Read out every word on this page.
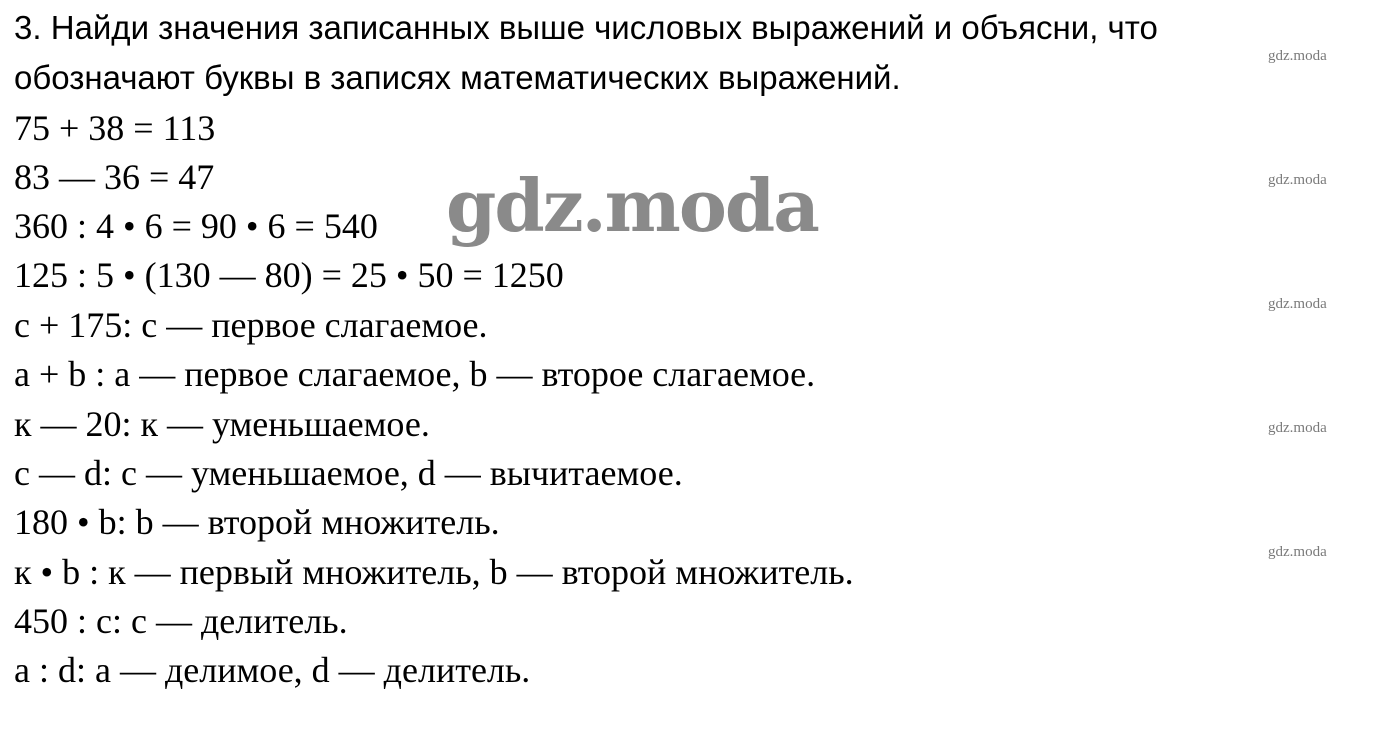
3. Найди значения записанных выше числовых выражений и объясни, что
обозначают буквы в записях математических выражений.
75 + 38 = 113
83 — 36 = 47
360 : 4 • 6 = 90 • 6 = 540
125 : 5 • (130 — 80) = 25 • 50 = 1250
с + 175: с — первое слагаемое.
a + b : a — первое слагаемое, b — второе слагаемое.
к — 20: к — уменьшаемое.
с — d: с — уменьшаемое, d — вычитаемое.
180 • b: b — второй множитель.
к • b : к — первый множитель, b — второй множитель.
450 : с: с — делитель.
a : d: a — делимое, d — делитель.
gdz.moda
gdz.moda
gdz.moda
gdz.moda
gdz.moda
gdz.moda
